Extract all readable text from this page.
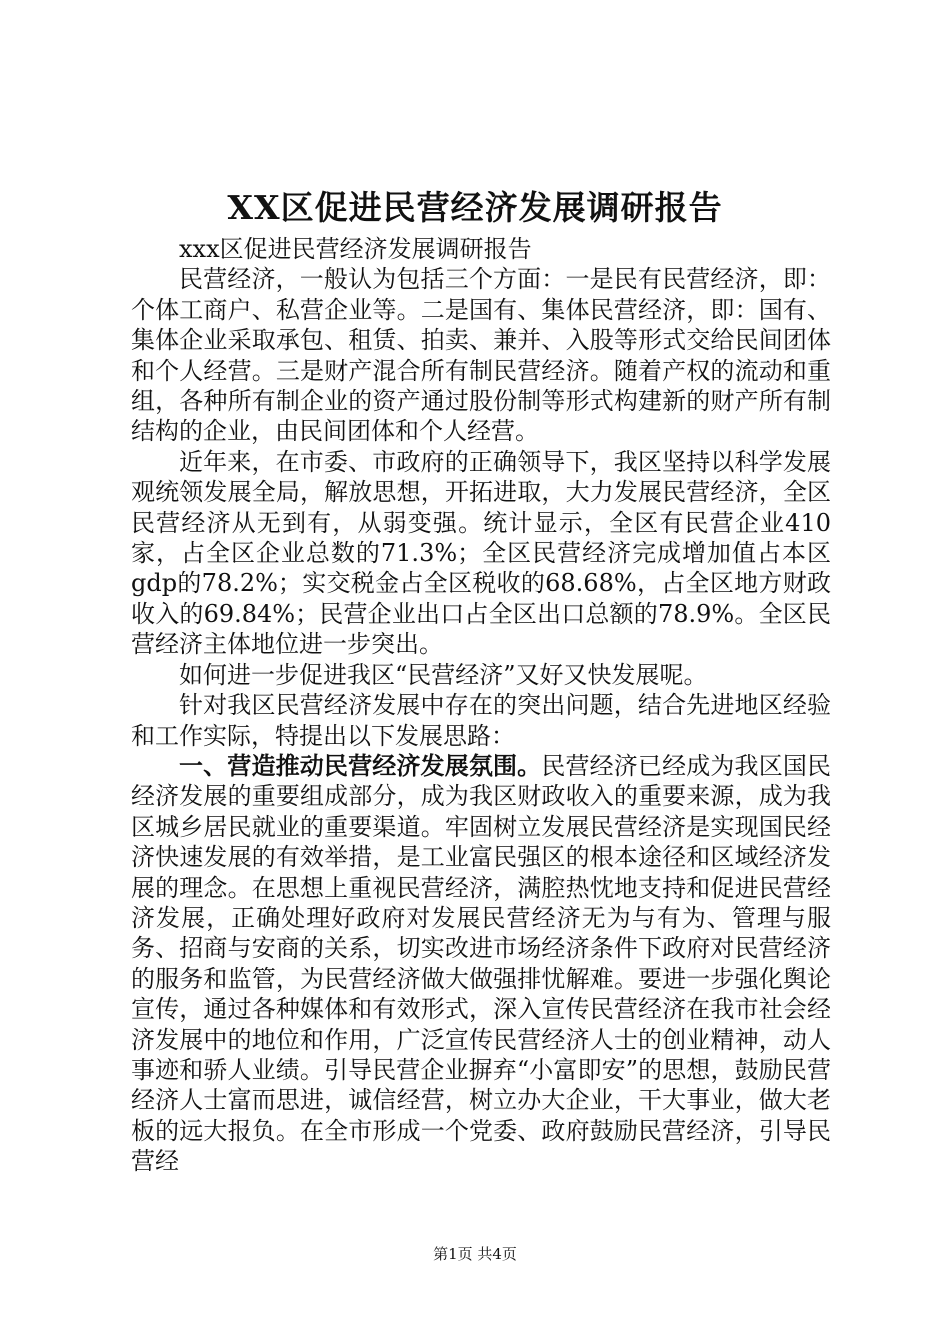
XX区促进民营经济发展调研报告

xxx区促进民营经济发展调研报告

民营经济，一般认为包括三个方面：一是民有民营经济，即：个体工商户、私营企业等。二是国有、集体民营经济，即：国有、集体企业采取承包、租赁、拍卖、兼并、入股等形式交给民间团体和个人经营。三是财产混合所有制民营经济。随着产权的流动和重组，各种所有制企业的资产通过股份制等形式构建新的财产所有制结构的企业，由民间团体和个人经营。

近年来，在市委、市政府的正确领导下，我区坚持以科学发展观统领发展全局，解放思想，开拓进取，大力发展民营经济，全区民营经济从无到有，从弱变强。统计显示，全区有民营企业410家，占全区企业总数的71.3%；全区民营经济完成增加值占本区gdp的78.2%；实交税金占全区税收的68.68%，占全区地方财政收入的69.84%；民营企业出口占全区出口总额的78.9%。全区民营经济主体地位进一步突出。

如何进一步促进我区“民营经济”又好又快发展呢。

针对我区民营经济发展中存在的突出问题，结合先进地区经验和工作实际，特提出以下发展思路：

一、营造推动民营经济发展氛围。民营经济已经成为我区国民经济发展的重要组成部分，成为我区财政收入的重要来源，成为我区城乡居民就业的重要渠道。牢固树立发展民营经济是实现国民经济快速发展的有效举措，是工业富民强区的根本途径和区域经济发展的理念。在思想上重视民营经济，满腔热忱地支持和促进民营经济发展，正确处理好政府对发展民营经济无为与有为、管理与服务、招商与安商的关系，切实改进市场经济条件下政府对民营经济的服务和监管，为民营经济做大做强排忧解难。要进一步强化舆论宣传，通过各种媒体和有效形式，深入宣传民营经济在我市社会经济发展中的地位和作用，广泛宣传民营经济人士的创业精神，动人事迹和骄人业绩。引导民营企业摒弃“小富即安”的思想，鼓励民营经济人士富而思进，诚信经营，树立办大企业，干大事业，做大老板的远大报负。在全市形成一个党委、政府鼓励民营经济，引导民营经

第1页 共4页
